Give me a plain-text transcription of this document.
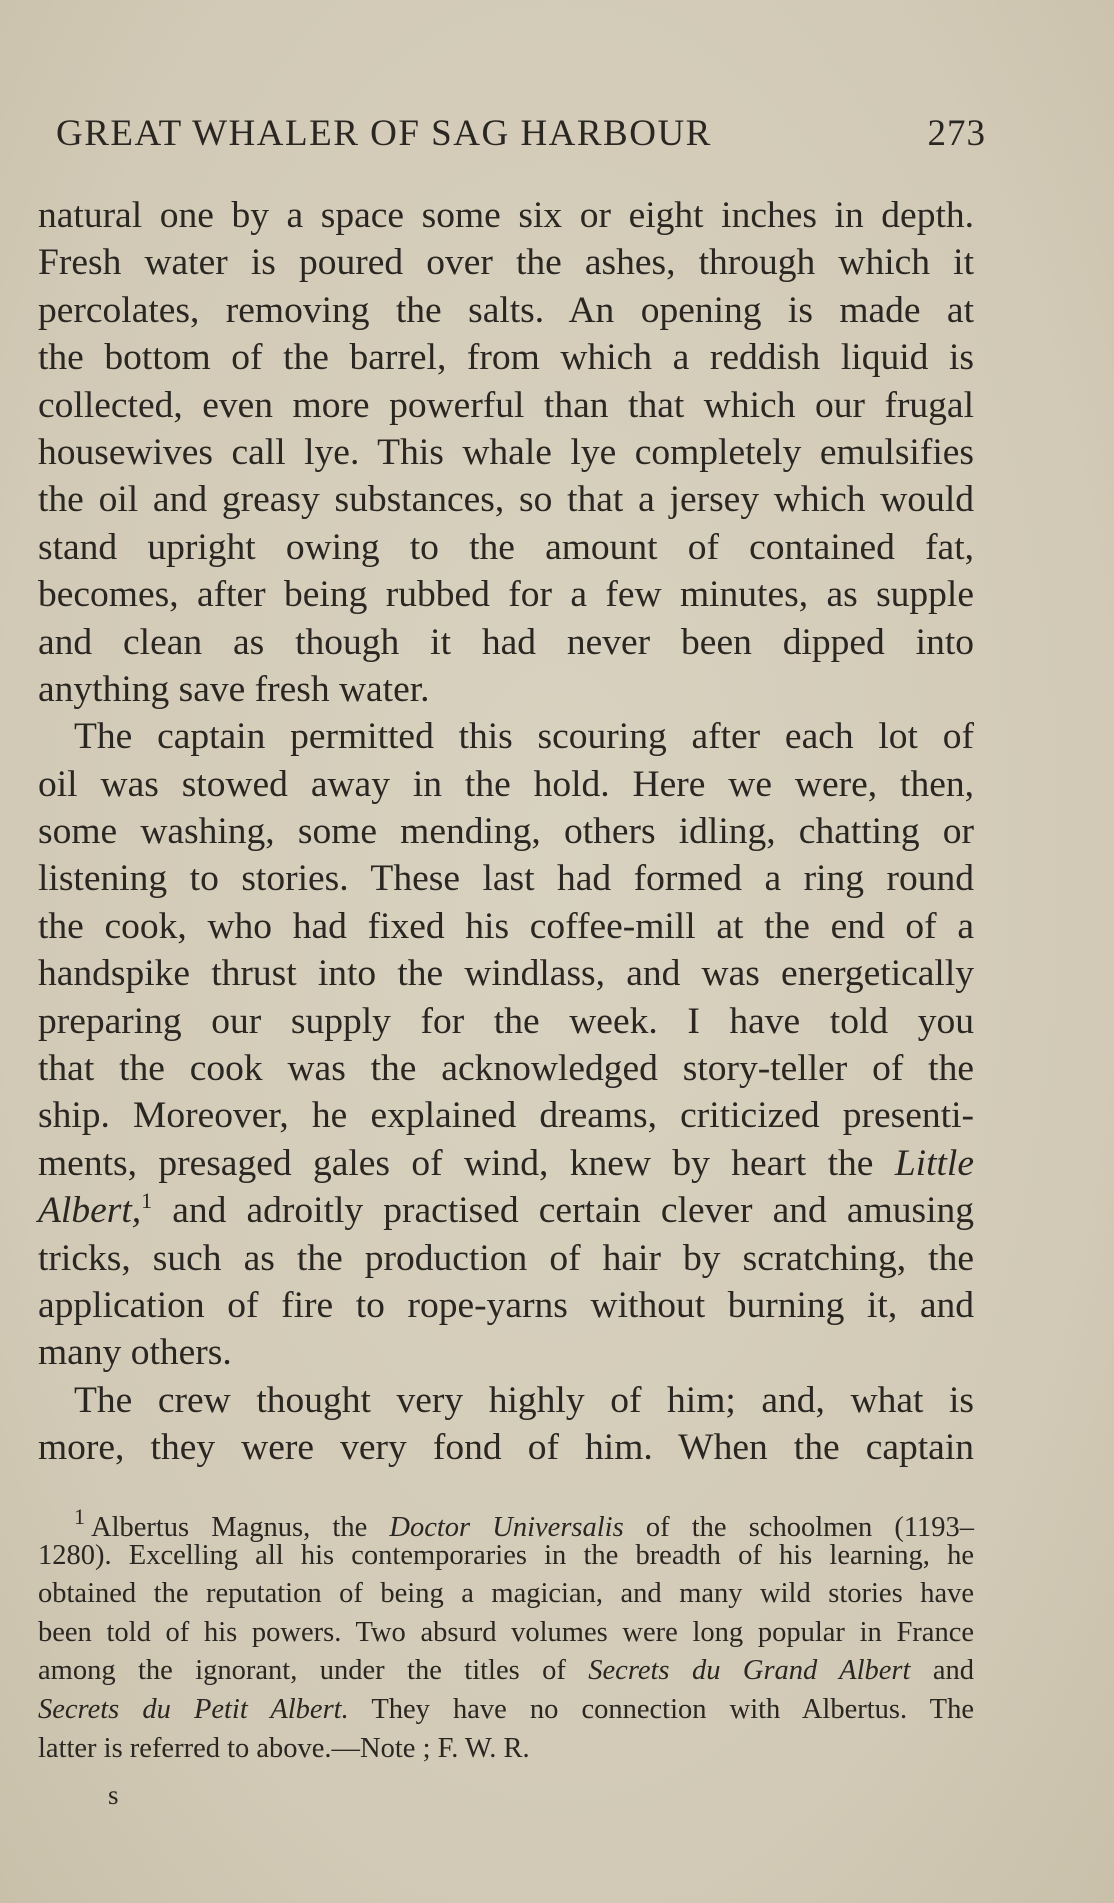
GREAT WHALER OF SAG HARBOUR	273
natural one by a space some six or eight inches in depth.
Fresh water is poured over the ashes, through which it
percolates, removing the salts. An opening is made at
the bottom of the barrel, from which a reddish liquid is
collected, even more powerful than that which our frugal
housewives call lye. This whale lye completely emulsifies
the oil and greasy substances, so that a jersey which would
stand upright owing to the amount of contained fat,
becomes, after being rubbed for a few minutes, as supple
and clean as though it had never been dipped into
anything save fresh water.
The captain permitted this scouring after each lot of
oil was stowed away in the hold. Here we were, then,
some washing, some mending, others idling, chatting or
listening to stories. These last had formed a ring round
the cook, who had fixed his coffee-mill at the end of a
handspike thrust into the windlass, and was energetically
preparing our supply for the week. I have told you
that the cook was the acknowledged story-teller of the
ship. Moreover, he explained dreams, criticized presenti-
ments, presaged gales of wind, knew by heart the Little
Albert,$^1$ and adroitly practised certain clever and amusing
tricks, such as the production of hair by scratching, the
application of fire to rope-yarns without burning it, and
many others.
The crew thought very highly of him; and, what is
more, they were very fond of him. When the captain
$^1$ Albertus Magnus, the Doctor Universalis of the schoolmen (1193–
1280). Excelling all his contemporaries in the breadth of his learning, he
obtained the reputation of being a magician, and many wild stories have
been told of his powers. Two absurd volumes were long popular in France
among the ignorant, under the titles of Secrets du Grand Albert and
Secrets du Petit Albert. They have no connection with Albertus. The
latter is referred to above.—Note ; F. W. R.
s
